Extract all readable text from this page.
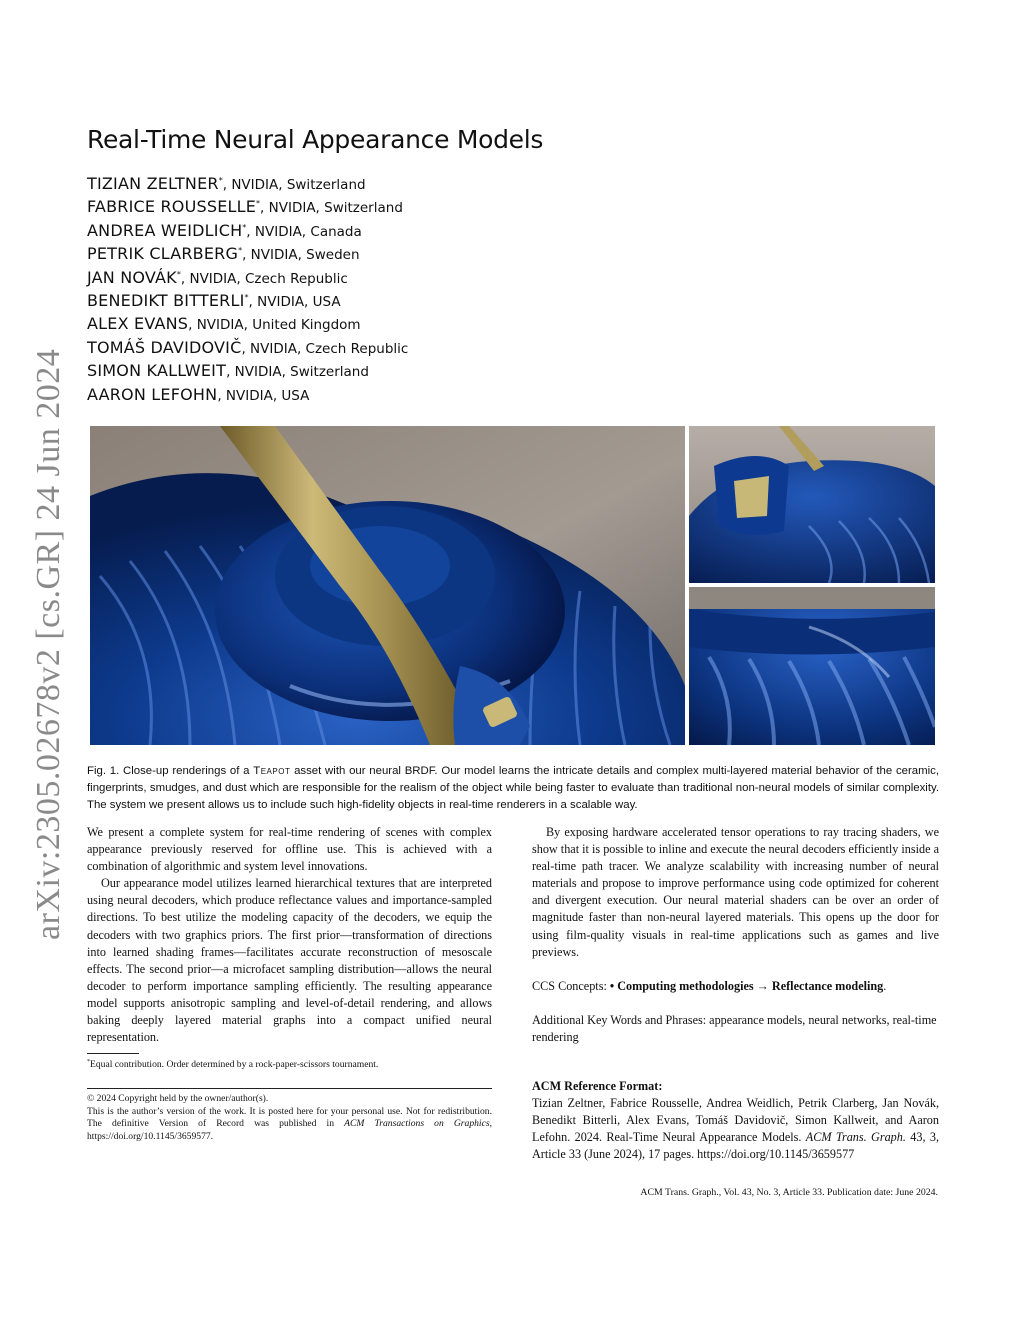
arXiv:2305.02678v2 [cs.GR] 24 Jun 2024
Real-Time Neural Appearance Models
TIZIAN ZELTNER*, NVIDIA, Switzerland
FABRICE ROUSSELLE*, NVIDIA, Switzerland
ANDREA WEIDLICH*, NVIDIA, Canada
PETRIK CLARBERG*, NVIDIA, Sweden
JAN NOVÁK*, NVIDIA, Czech Republic
BENEDIKT BITTERLI*, NVIDIA, USA
ALEX EVANS, NVIDIA, United Kingdom
TOMÁŠ DAVIDOVIČ, NVIDIA, Czech Republic
SIMON KALLWEIT, NVIDIA, Switzerland
AARON LEFOHN, NVIDIA, USA
Fig. 1. Close-up renderings of a Teapot asset with our neural BRDF. Our model learns the intricate details and complex multi-layered material behavior of the ceramic, fingerprints, smudges, and dust which are responsible for the realism of the object while being faster to evaluate than traditional non-neural models of similar complexity. The system we present allows us to include such high-fidelity objects in real-time renderers in a scalable way.

We present a complete system for real-time rendering of scenes with complex appearance previously reserved for offline use. This is achieved with a combination of algorithmic and system level innovations.

Our appearance model utilizes learned hierarchical textures that are interpreted using neural decoders, which produce reflectance values and importance-sampled directions. To best utilize the modeling capacity of the decoders, we equip the decoders with two graphics priors. The first prior—transformation of directions into learned shading frames—facilitates accurate reconstruction of mesoscale effects. The second prior—a microfacet sampling distribution—allows the neural decoder to perform importance sampling efficiently. The resulting appearance model supports anisotropic sampling and level-of-detail rendering, and allows baking deeply layered material graphs into a compact unified neural representation.

*Equal contribution. Order determined by a rock-paper-scissors tournament.

© 2024 Copyright held by the owner/author(s).

This is the author’s version of the work. It is posted here for your personal use. Not for redistribution. The definitive Version of Record was published in ACM Transactions on Graphics, https://doi.org/10.1145/3659577.

By exposing hardware accelerated tensor operations to ray tracing shaders, we show that it is possible to inline and execute the neural decoders efficiently inside a real-time path tracer. We analyze scalability with increasing number of neural materials and propose to improve performance using code optimized for coherent and divergent execution. Our neural material shaders can be over an order of magnitude faster than non-neural layered materials. This opens up the door for using film-quality visuals in real-time applications such as games and live previews.

CCS Concepts: • Computing methodologies → Reflectance modeling.

Additional Key Words and Phrases: appearance models, neural networks, real-time rendering

ACM Reference Format:

Tizian Zeltner, Fabrice Rousselle, Andrea Weidlich, Petrik Clarberg, Jan Novák, Benedikt Bitterli, Alex Evans, Tomáš Davidovič, Simon Kallweit, and Aaron Lefohn. 2024. Real-Time Neural Appearance Models. ACM Trans. Graph. 43, 3, Article 33 (June 2024), 17 pages. https://doi.org/10.1145/3659577

ACM Trans. Graph., Vol. 43, No. 3, Article 33. Publication date: June 2024.
